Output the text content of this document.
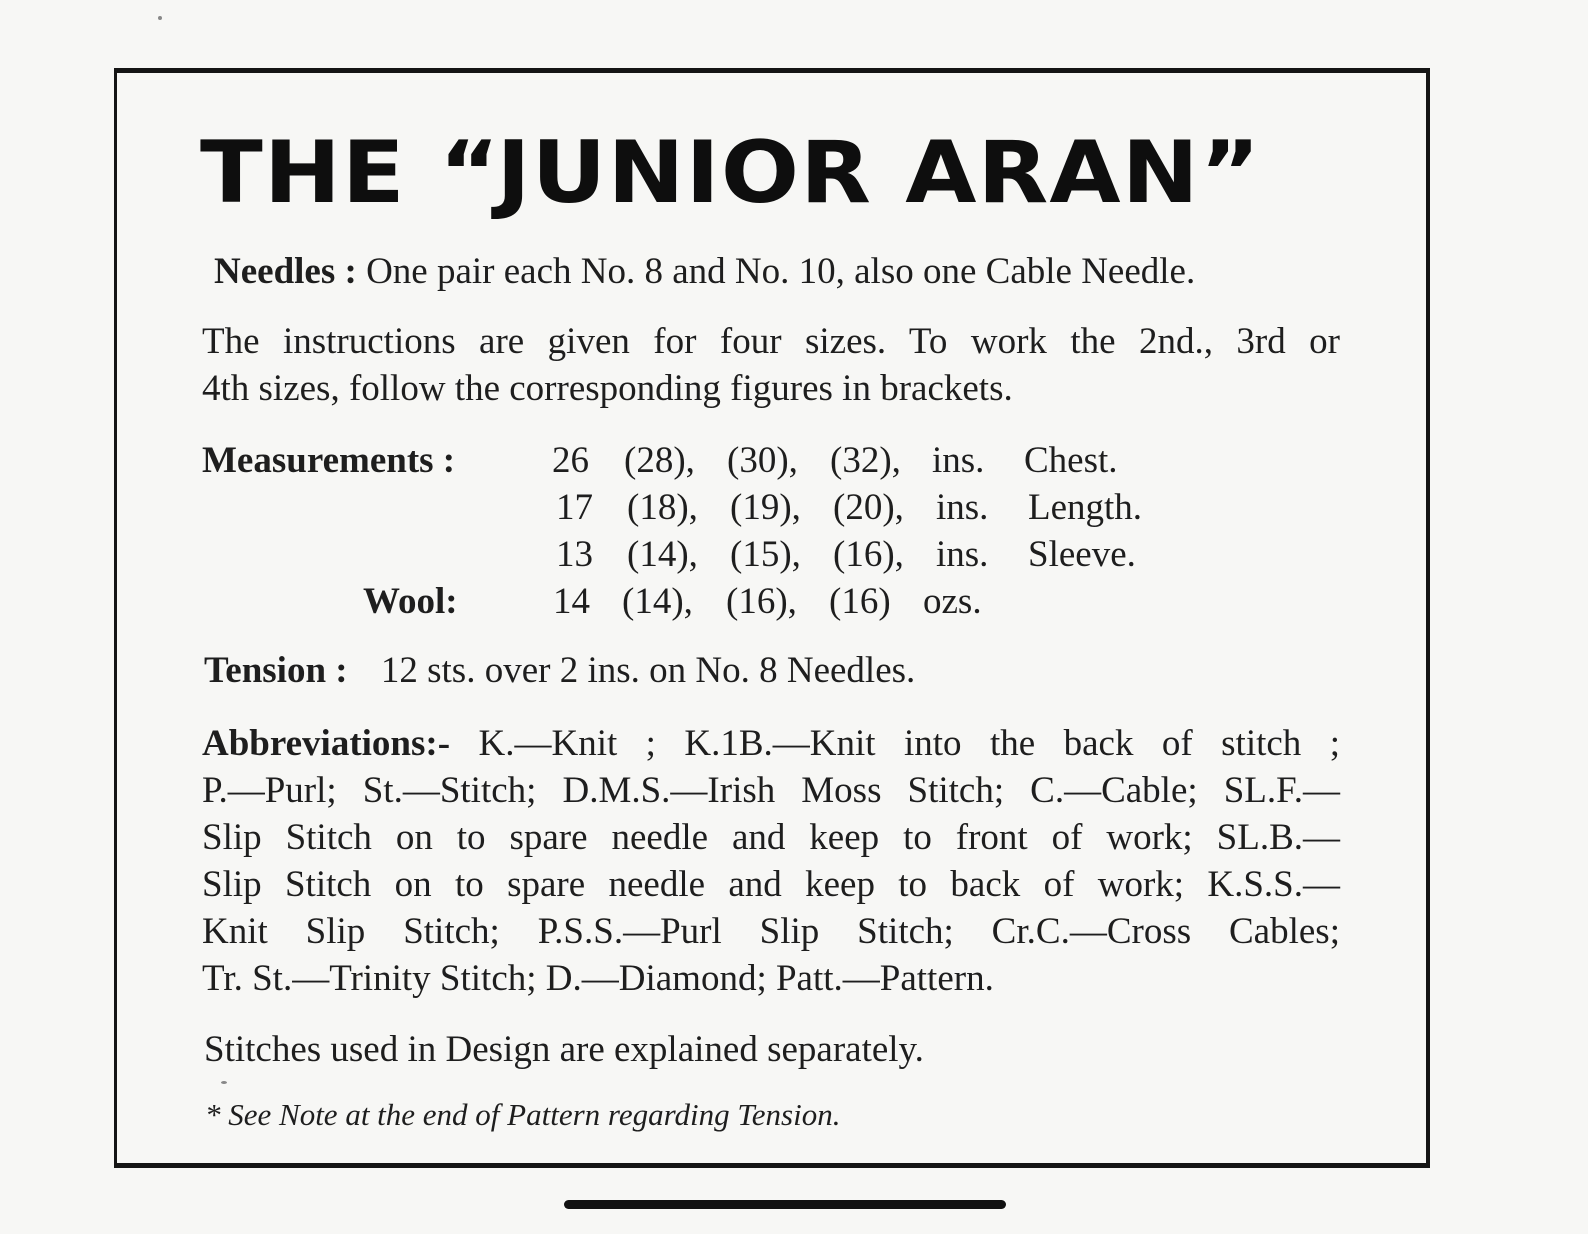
THE “JUNIOR ARAN”
Needles : One pair each No. 8 and No. 10, also one Cable Needle.
The instructions are given for four sizes. To work the 2nd., 3rd or
4th sizes, follow the corresponding figures in brackets.
Measurements :	26 (28), (30), (32), ins. Chest.
17 (18), (19), (20), ins. Length.
13 (14), (15), (16), ins. Sleeve.
Wool:	14 (14), (16), (16) ozs.
Tension : 12 sts. over 2 ins. on No. 8 Needles.
Abbreviations:- K.—Knit ; K.1B.—Knit into the back of stitch ;
P.—Purl; St.—Stitch; D.M.S.—Irish Moss Stitch; C.—Cable; SL.F.—
Slip Stitch on to spare needle and keep to front of work; SL.B.—
Slip Stitch on to spare needle and keep to back of work; K.S.S.—
Knit Slip Stitch; P.S.S.—Purl Slip Stitch; Cr.C.—Cross Cables;
Tr. St.—Trinity Stitch; D.—Diamond; Patt.—Pattern.
Stitches used in Design are explained separately.
* See Note at the end of Pattern regarding Tension.
